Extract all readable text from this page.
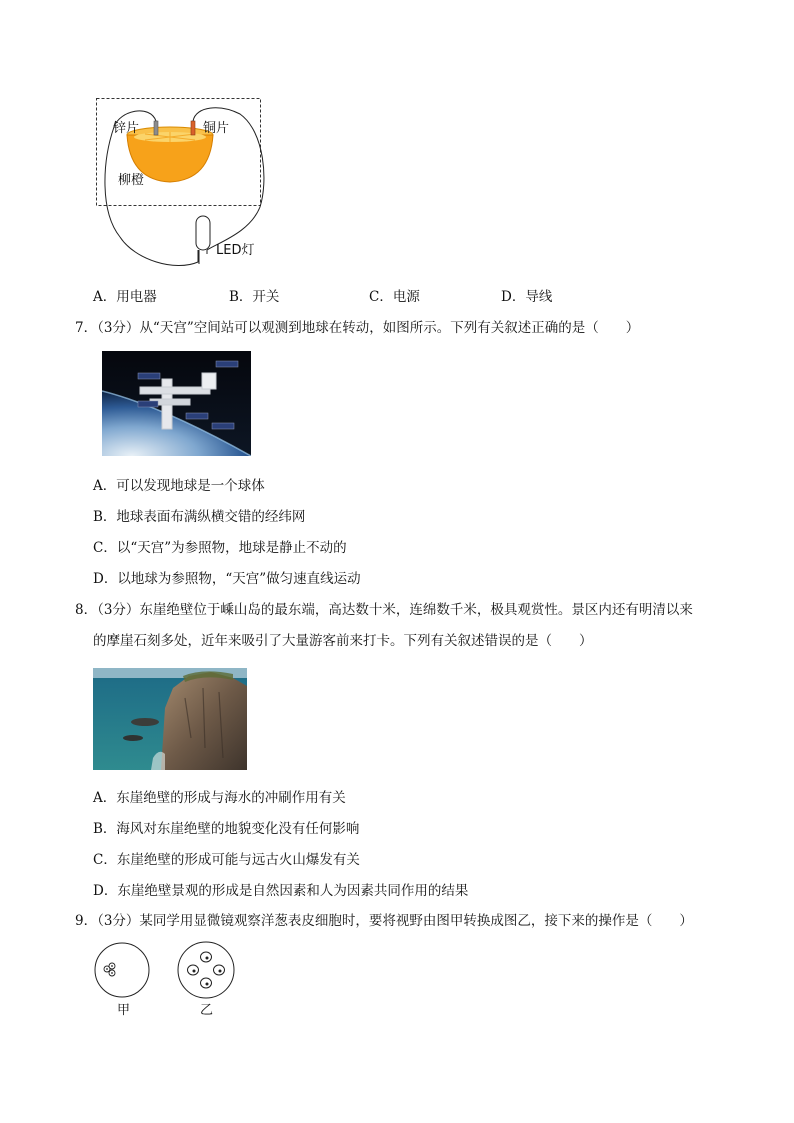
锌片	铜片
柳橙
LED灯
A．用电器	B．开关	C．电源	D．导线
7．（3分）从“天宫”空间站可以观测到地球在转动，如图所示。下列有关叙述正确的是（　　）
A．可以发现地球是一个球体
B．地球表面布满纵横交错的经纬网
C．以“天宫”为参照物，地球是静止不动的
D．以地球为参照物，“天宫”做匀速直线运动
8．（3分）东崖绝壁位于嵊山岛的最东端，高达数十米，连绵数千米，极具观赏性。景区内还有明清以来
的摩崖石刻多处，近年来吸引了大量游客前来打卡。下列有关叙述错误的是（　　）
A．东崖绝壁的形成与海水的冲刷作用有关
B．海风对东崖绝壁的地貌变化没有任何影响
C．东崖绝壁的形成可能与远古火山爆发有关
D．东崖绝壁景观的形成是自然因素和人为因素共同作用的结果
9．（3分）某同学用显微镜观察洋葱表皮细胞时，要将视野由图甲转换成图乙，接下来的操作是（　　）
甲	乙
